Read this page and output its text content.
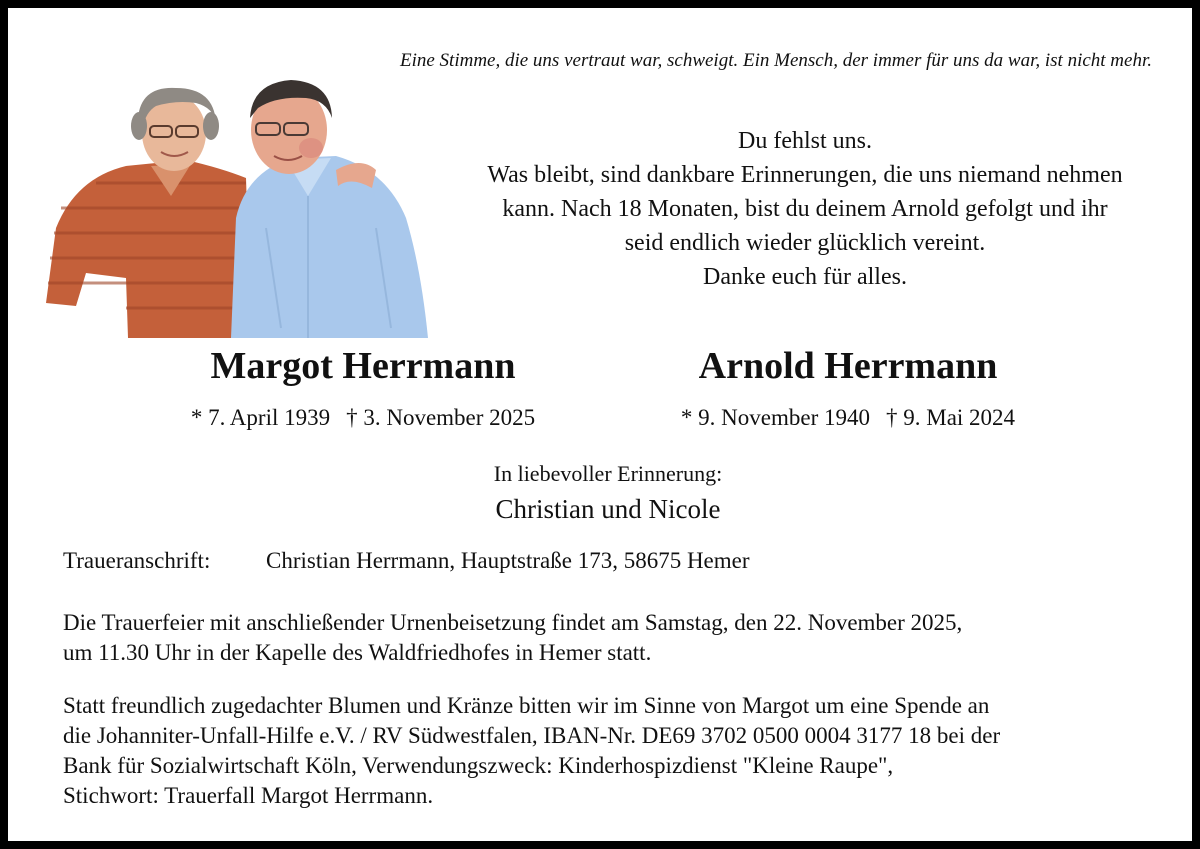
Eine Stimme, die uns vertraut war, schweigt. Ein Mensch, der immer für uns da war, ist nicht mehr.
Du fehlst uns.
Was bleibt, sind dankbare Erinnerungen, die uns niemand nehmen
kann. Nach 18 Monaten, bist du deinem Arnold gefolgt und ihr
seid endlich wieder glücklich vereint.
Danke euch für alles.
Margot Herrmann	Arnold Herrmann
* 7. April 1939 † 3. November 2025	* 9. November 1940 † 9. Mai 2024
In liebevoller Erinnerung:
Christian und Nicole
Traueranschrift: Christian Herrmann, Hauptstraße 173, 58675 Hemer
Die Trauerfeier mit anschließender Urnenbeisetzung findet am Samstag, den 22. November 2025,
um 11.30 Uhr in der Kapelle des Waldfriedhofes in Hemer statt.
Statt freundlich zugedachter Blumen und Kränze bitten wir im Sinne von Margot um eine Spende an
die Johanniter-Unfall-Hilfe e.V. / RV Südwestfalen, IBAN-Nr. DE69 3702 0500 0004 3177 18 bei der
Bank für Sozialwirtschaft Köln, Verwendungszweck: Kinderhospizdienst "Kleine Raupe",
Stichwort: Trauerfall Margot Herrmann.
